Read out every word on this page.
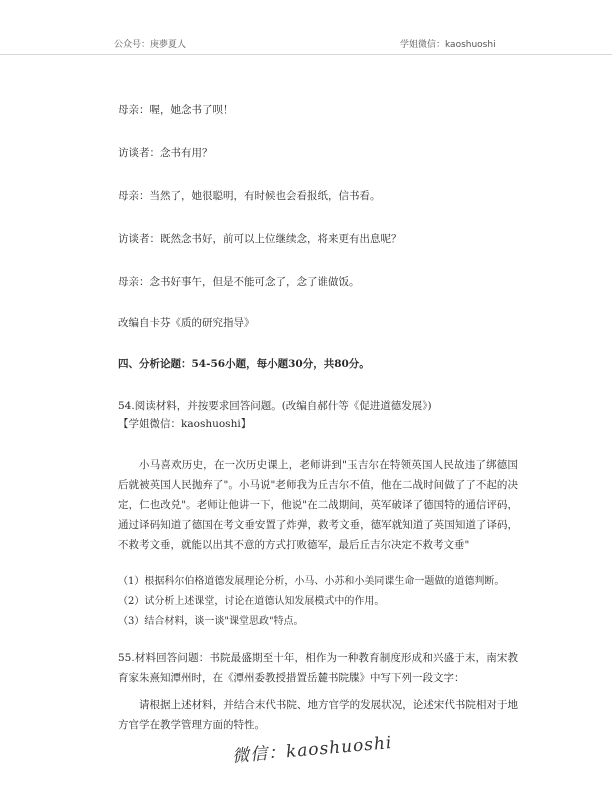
公众号：庚夢夏人	学姐微信：kaoshuoshi
母亲：喔，她念书了呗！
访谈者：念书有用？
母亲：当然了，她很聪明，有时候也会看报纸，信书看。
访谈者：既然念书好，前可以上位继续念，将来更有出息呢？
母亲：念书好事午，但是不能可念了，念了谁做饭。
改编自卡芬《质的研究指导》
四、分析论题：54-56小题，每小题30分，共80分。
54.阅读材料，并按要求回答问题。(改编自郝什等《促进道德发展》)
【学姐微信：kaoshuoshi】
小马喜欢历史，在一次历史课上，老师讲到"玉吉尔在特领英国人民故违了绑德国后就被英国人民抛弃了"。小马说"老师我为丘吉尔不值，他在二战时间做了了不起的决定，仁也改兑"。老师让他讲一下，他说"在二战期间，英军破译了德国特的通信评码，通过译码知道了德国在考文垂安置了炸弹，救考文垂，德军就知道了英国知道了译码，不救考文垂，就能以出其不意的方式打败德军，最后丘吉尔决定不救考文垂"
（1）根据科尔伯格道德发展理论分析，小马、小苏和小美同谍生命一题做的道德判断。
（2）试分析上述课堂，讨论在道德认知发展模式中的作用。
（3）结合材料，谈一谈"课堂思政"特点。
55.材料回答问题：书院最盛期至十年，相作为一种教育制度形成和兴盛于末，南宋教育家朱熹知潭州时，在《潭州委教授措置岳麓书院牒》中写下列一段文字：
请根据上述材料，并结合末代书院、地方官学的发展状况，论述宋代书院相对于地方官学在教学管理方面的特性。
微信：kaoshuoshi
